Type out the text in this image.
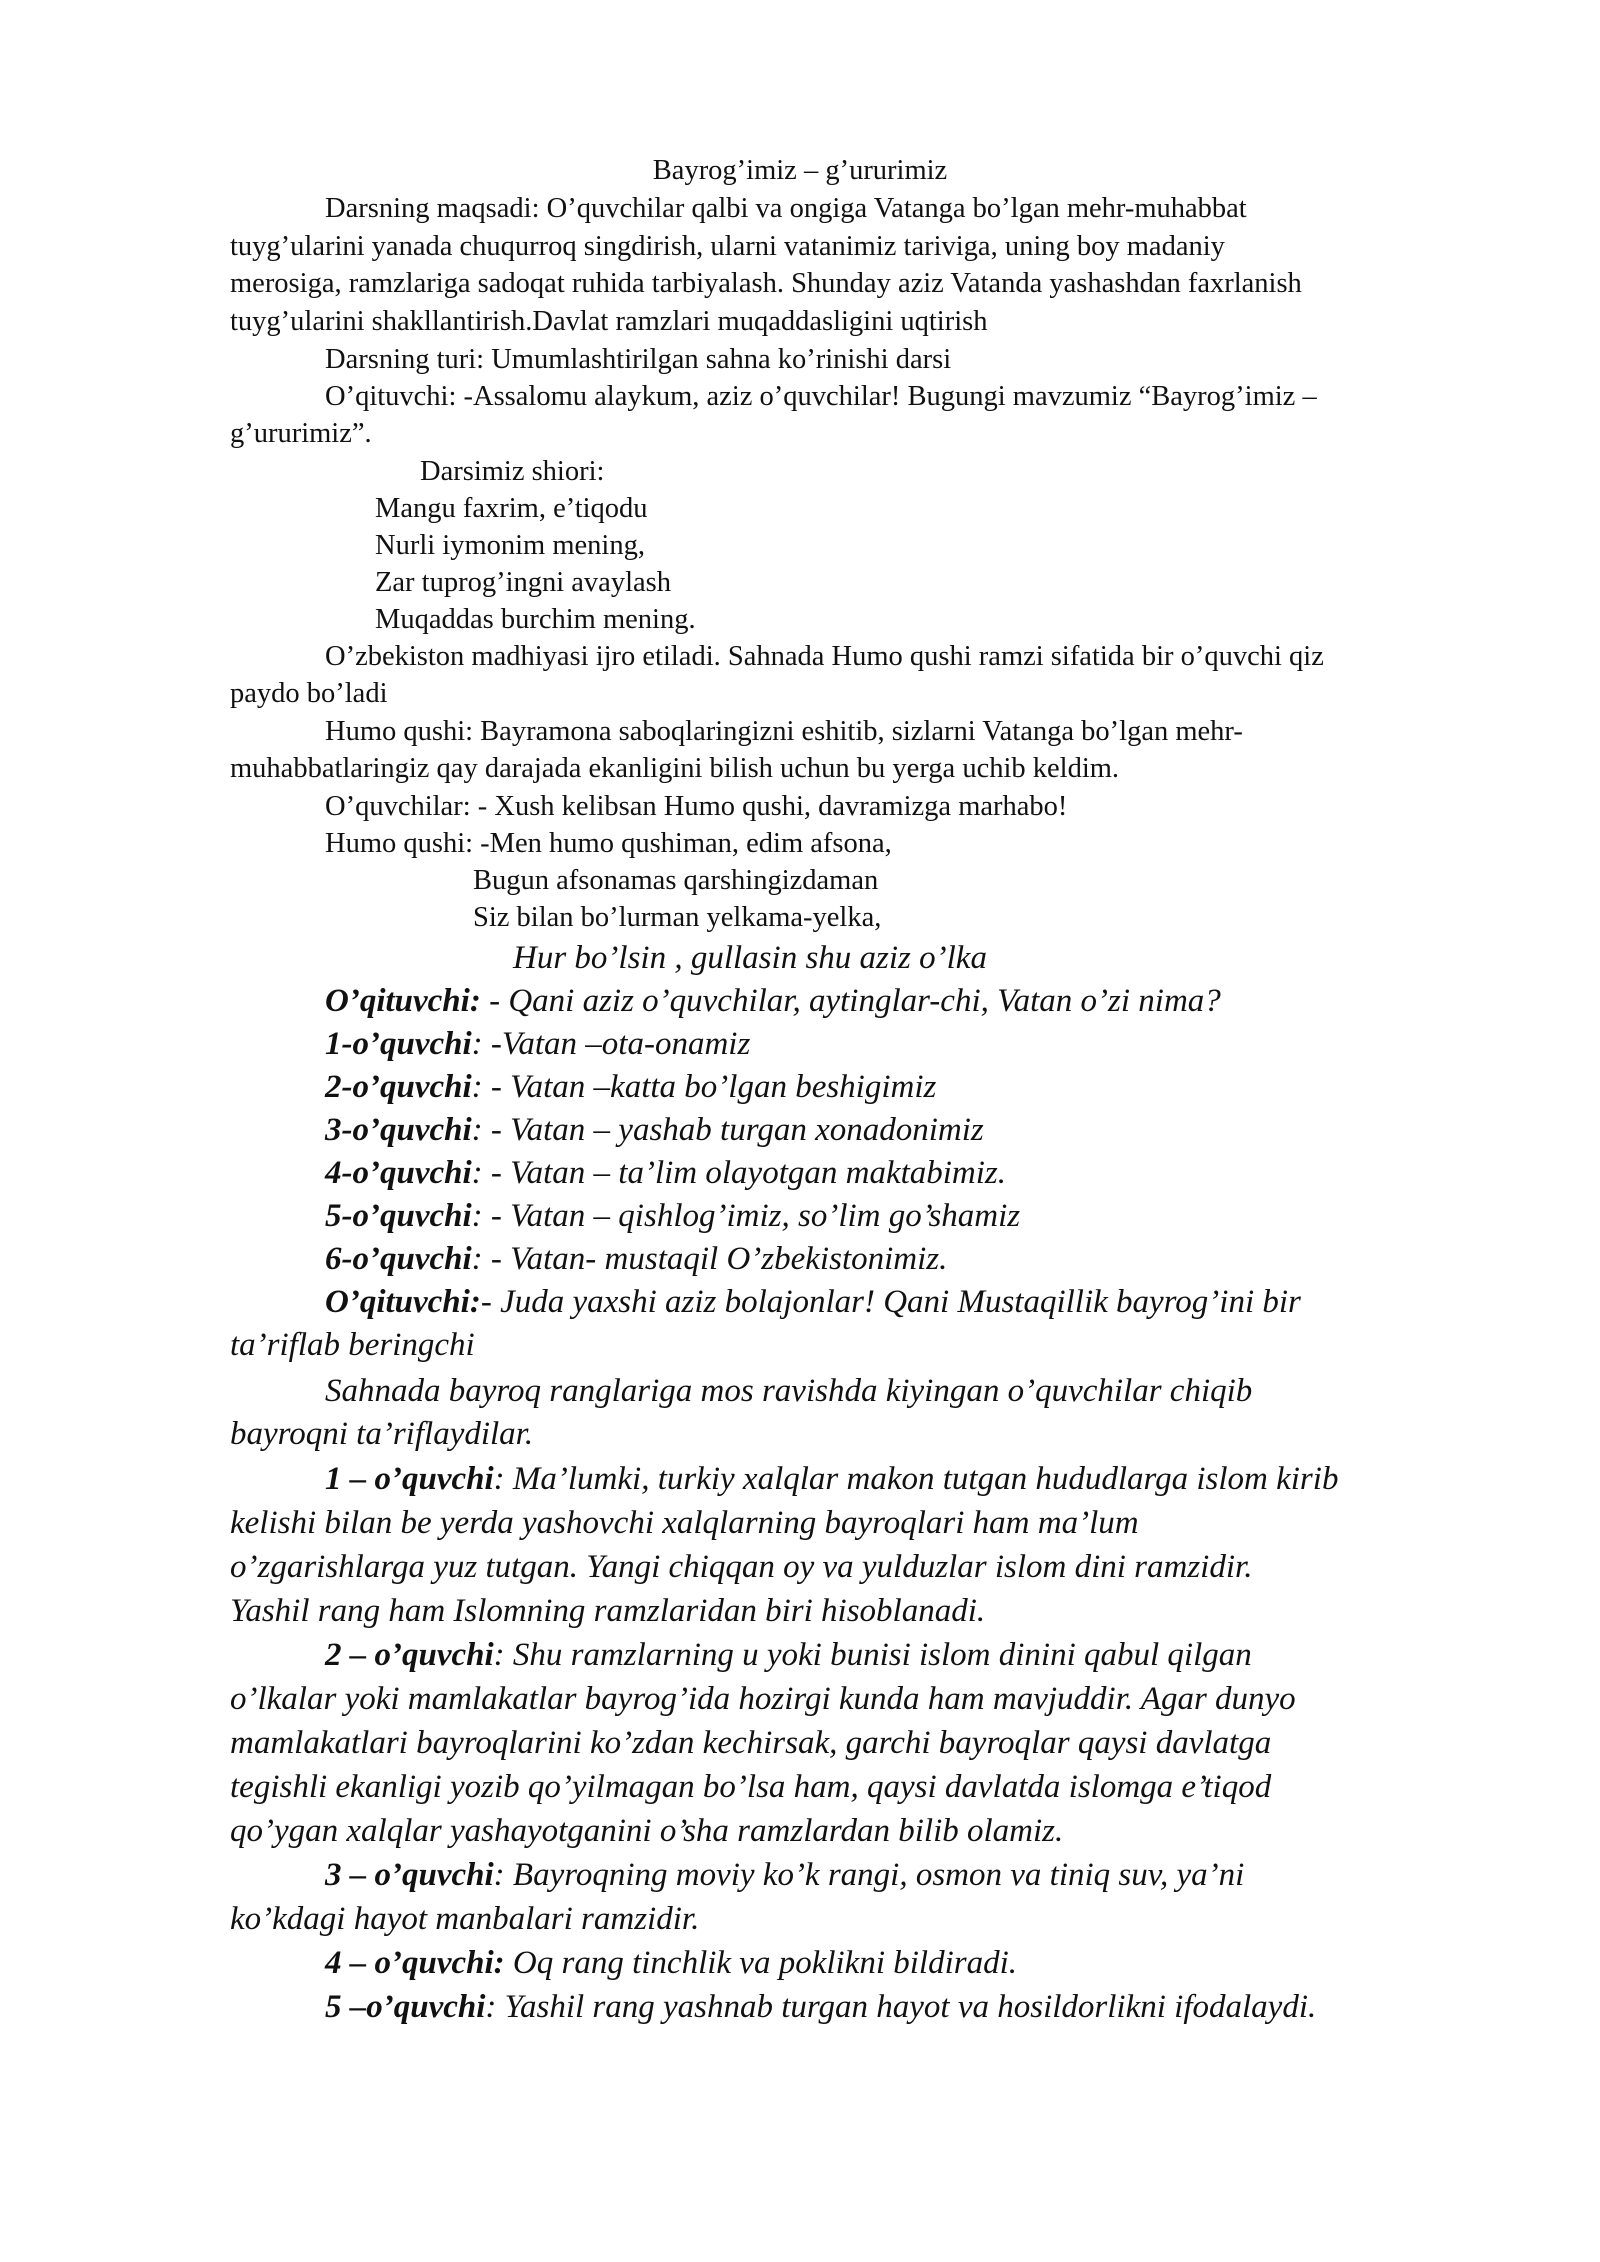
Bayrog’imiz – g’ururimiz
Darsning maqsadi: O’quvchilar qalbi va ongiga Vatanga bo’lgan mehr-muhabbat
tuyg’ularini yanada chuqurroq singdirish, ularni vatanimiz tariviga, uning boy madaniy
merosiga, ramzlariga sadoqat ruhida tarbiyalash. Shunday aziz Vatanda yashashdan faxrlanish
tuyg’ularini shakllantirish.Davlat ramzlari muqaddasligini uqtirish
Darsning turi: Umumlashtirilgan sahna ko’rinishi darsi
O’qituvchi: -Assalomu alaykum, aziz o’quvchilar! Bugungi mavzumiz “Bayrog’imiz –
g’ururimiz”.
Darsimiz shiori:
Mangu faxrim, e’tiqodu
Nurli iymonim mening,
Zar tuprog’ingni avaylash
Muqaddas burchim mening.
O’zbekiston madhiyasi ijro etiladi. Sahnada Humo qushi ramzi sifatida bir o’quvchi qiz
paydo bo’ladi
Humo qushi: Bayramona saboqlaringizni eshitib, sizlarni Vatanga bo’lgan mehr-
muhabbatlaringiz qay darajada ekanligini bilish uchun bu yerga uchib keldim.
O’quvchilar: - Xush kelibsan Humo qushi, davramizga marhabo!
Humo qushi: -Men humo qushiman, edim afsona,
Bugun afsonamas qarshingizdaman
Siz bilan bo’lurman yelkama-yelka,
Hur bo’lsin , gullasin shu aziz o’lka
O’qituvchi: - Qani aziz o’quvchilar, aytinglar-chi, Vatan o’zi nima?
1-o’quvchi: -Vatan –ota-onamiz
2-o’quvchi: - Vatan –katta bo’lgan beshigimiz
3-o’quvchi: - Vatan – yashab turgan xonadonimiz
4-o’quvchi: - Vatan – ta’lim olayotgan maktabimiz.
5-o’quvchi: - Vatan – qishlog’imiz, so’lim go’shamiz
6-o’quvchi: - Vatan- mustaqil O’zbekistonimiz.
O’qituvchi:- Juda yaxshi aziz bolajonlar! Qani Mustaqillik bayrog’ini bir
ta’riflab beringchi
Sahnada bayroq ranglariga mos ravishda kiyingan o’quvchilar chiqib
bayroqni ta’riflaydilar.
1 – o’quvchi: Ma’lumki, turkiy xalqlar makon tutgan hududlarga islom kirib
kelishi bilan be yerda yashovchi xalqlarning bayroqlari ham ma’lum
o’zgarishlarga yuz tutgan. Yangi chiqqan oy va yulduzlar islom dini ramzidir.
Yashil rang ham Islomning ramzlaridan biri hisoblanadi.
2 – o’quvchi: Shu ramzlarning u yoki bunisi islom dinini qabul qilgan
o’lkalar yoki mamlakatlar bayrog’ida hozirgi kunda ham mavjuddir. Agar dunyo
mamlakatlari bayroqlarini ko’zdan kechirsak, garchi bayroqlar qaysi davlatga
tegishli ekanligi yozib qo’yilmagan bo’lsa ham, qaysi davlatda islomga e’tiqod
qo’ygan xalqlar yashayotganini o’sha ramzlardan bilib olamiz.
3 – o’quvchi: Bayroqning moviy ko’k rangi, osmon va tiniq suv, ya’ni
ko’kdagi hayot manbalari ramzidir.
4 – o’quvchi: Oq rang tinchlik va poklikni bildiradi.
5 –o’quvchi: Yashil rang yashnab turgan hayot va hosildorlikni ifodalaydi.
